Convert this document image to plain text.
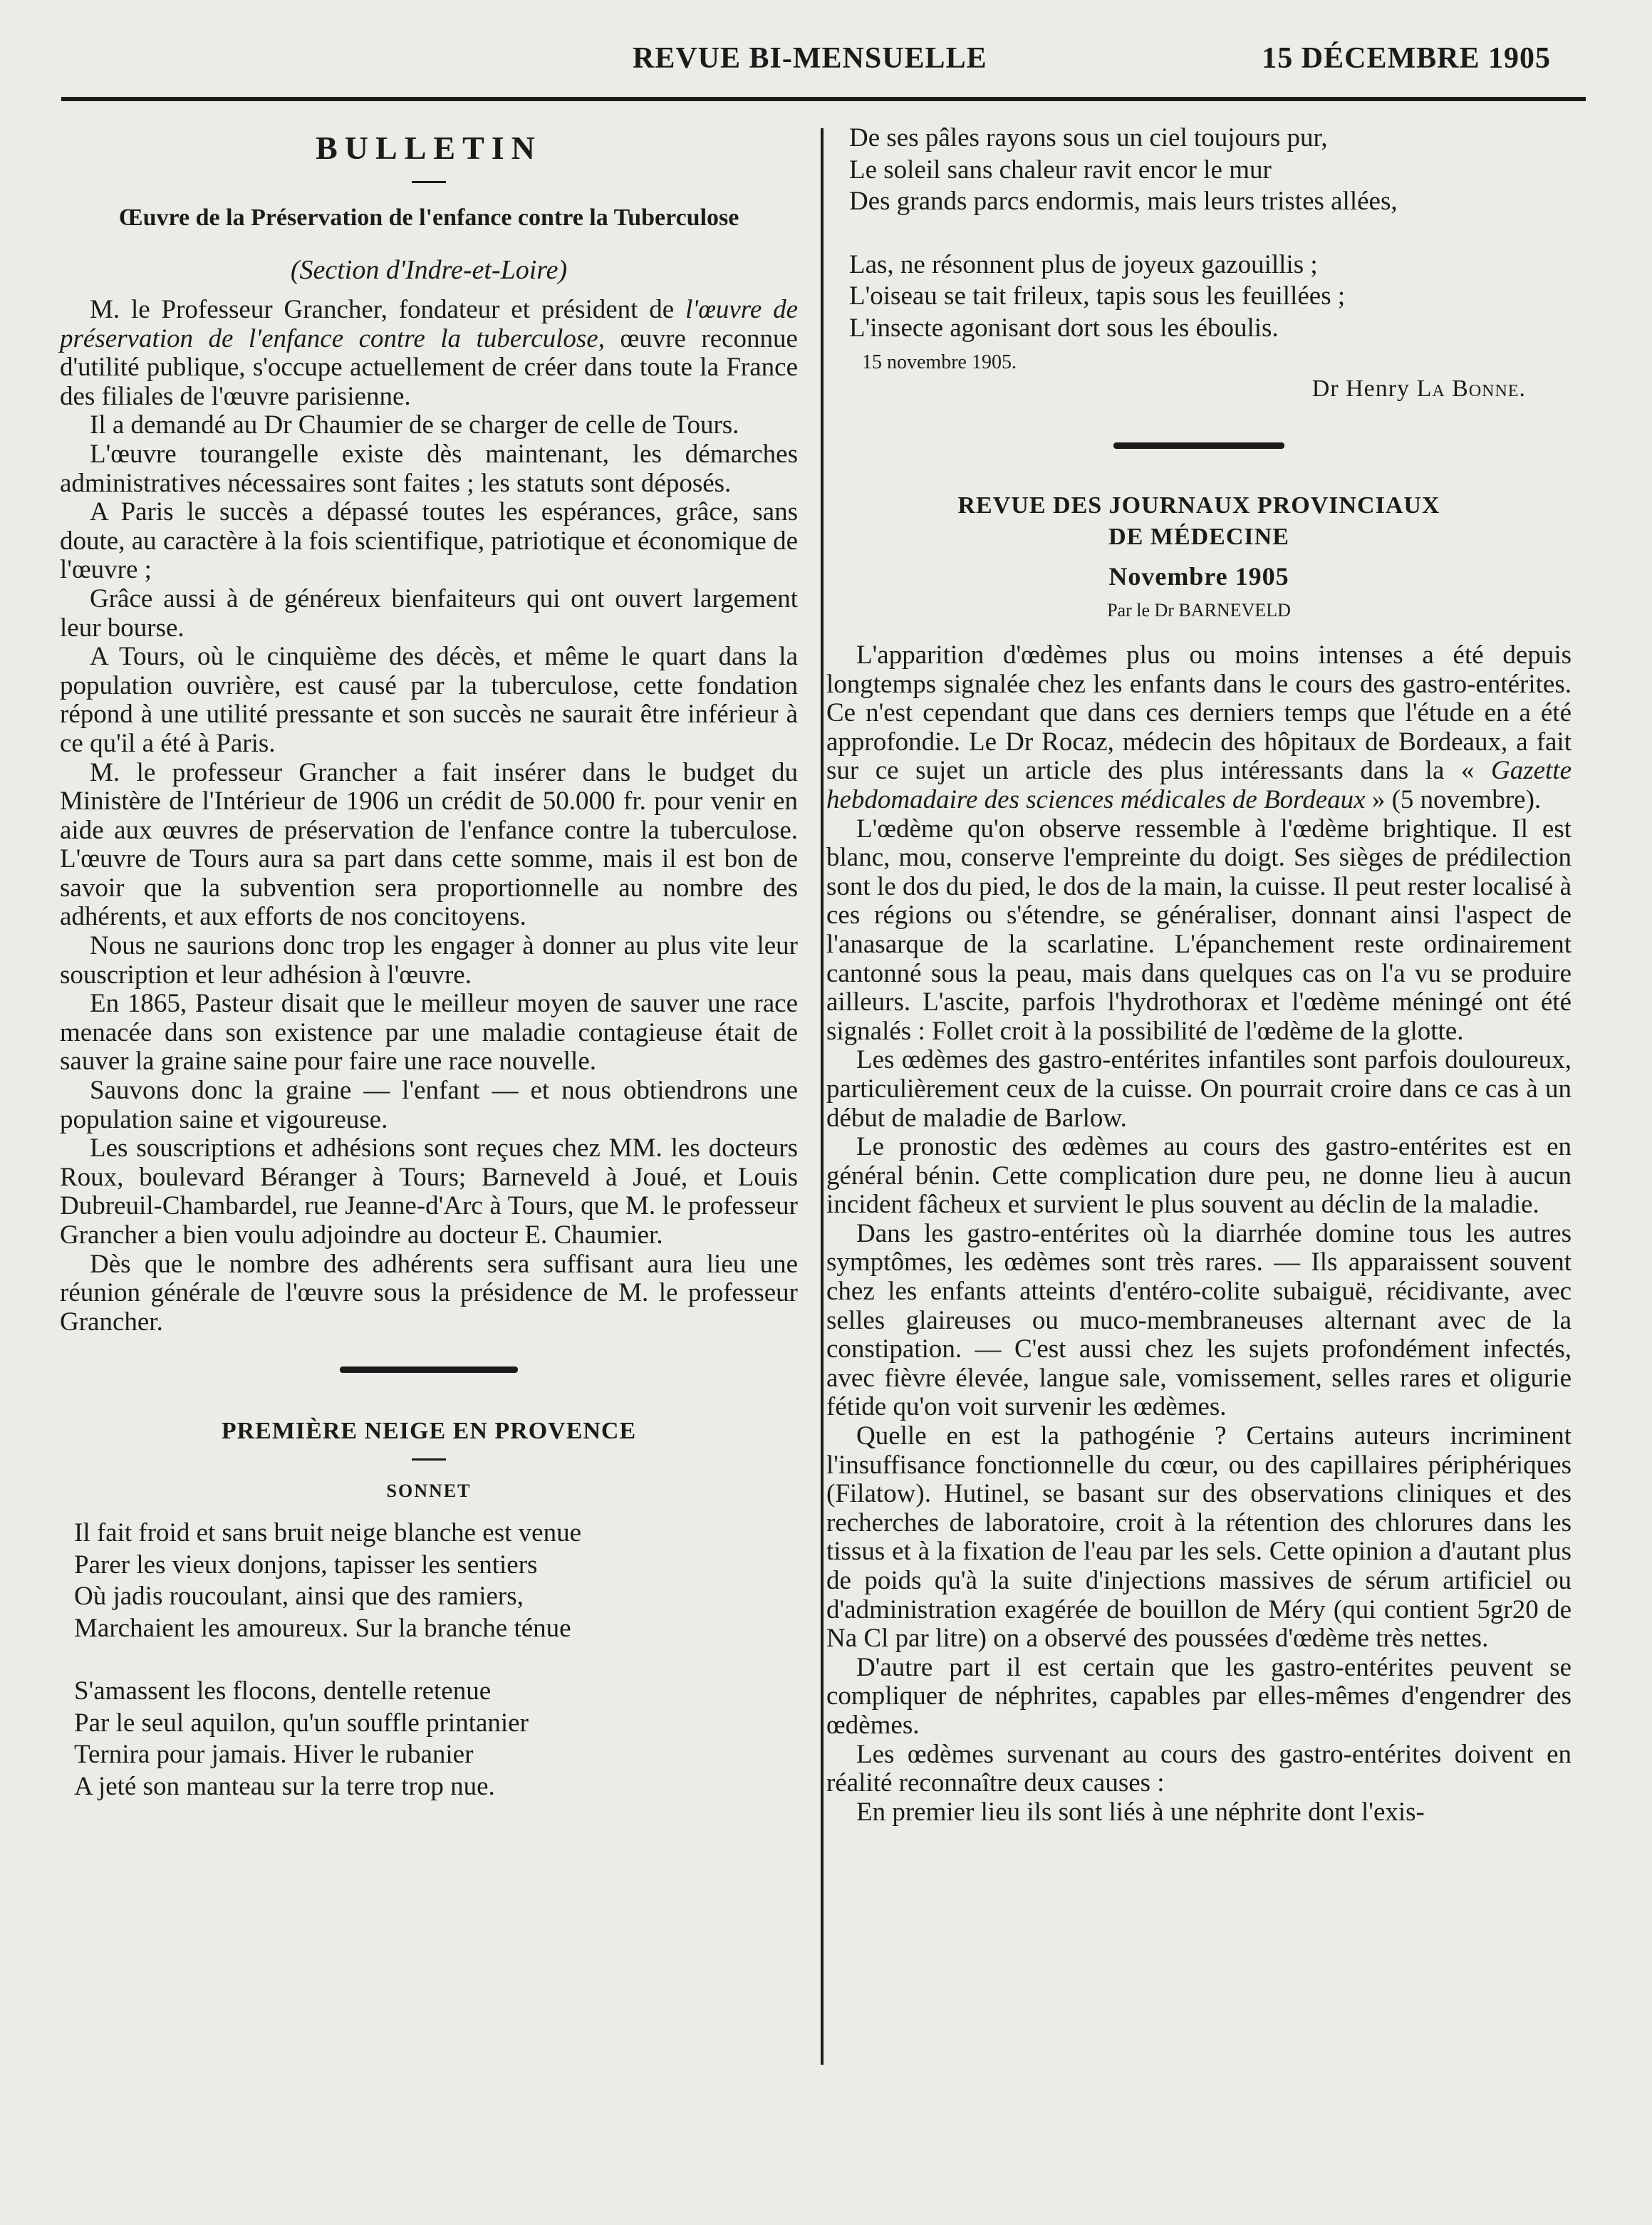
REVUE BI-MENSUELLE	15 DÉCEMBRE 1905
BULLETIN
Œuvre de la Préservation de l'enfance contre la Tuberculose
(Section d'Indre-et-Loire)

M. le Professeur Grancher, fondateur et président de l'œuvre de préservation de l'enfance contre la tuberculose, œuvre reconnue d'utilité publique, s'occupe actuellement de créer dans toute la France des filiales de l'œuvre parisienne.

Il a demandé au Dr Chaumier de se charger de celle de Tours.

L'œuvre tourangelle existe dès maintenant, les démarches administratives nécessaires sont faites ; les statuts sont déposés.

A Paris le succès a dépassé toutes les espérances, grâce, sans doute, au caractère à la fois scientifique, patriotique et économique de l'œuvre ;

Grâce aussi à de généreux bienfaiteurs qui ont ouvert largement leur bourse.

A Tours, où le cinquième des décès, et même le quart dans la population ouvrière, est causé par la tuberculose, cette fondation répond à une utilité pressante et son succès ne saurait être inférieur à ce qu'il a été à Paris.

M. le professeur Grancher a fait insérer dans le budget du Ministère de l'Intérieur de 1906 un crédit de 50.000 fr. pour venir en aide aux œuvres de préservation de l'enfance contre la tuberculose. L'œuvre de Tours aura sa part dans cette somme, mais il est bon de savoir que la subvention sera proportionnelle au nombre des adhérents, et aux efforts de nos concitoyens.

Nous ne saurions donc trop les engager à donner au plus vite leur souscription et leur adhésion à l'œuvre.

En 1865, Pasteur disait que le meilleur moyen de sauver une race menacée dans son existence par une maladie contagieuse était de sauver la graine saine pour faire une race nouvelle.

Sauvons donc la graine — l'enfant — et nous obtiendrons une population saine et vigoureuse.

Les souscriptions et adhésions sont reçues chez MM. les docteurs Roux, boulevard Béranger à Tours; Barneveld à Joué, et Louis Dubreuil-Chambardel, rue Jeanne-d'Arc à Tours, que M. le professeur Grancher a bien voulu adjoindre au docteur E. Chaumier.

Dès que le nombre des adhérents sera suffisant aura lieu une réunion générale de l'œuvre sous la présidence de M. le professeur Grancher.

PREMIÈRE NEIGE EN PROVENCE
SONNET

Il fait froid et sans bruit neige blanche est venue

Parer les vieux donjons, tapisser les sentiers

Où jadis roucoulant, ainsi que des ramiers,

Marchaient les amoureux. Sur la branche ténue

S'amassent les flocons, dentelle retenue

Par le seul aquilon, qu'un souffle printanier

Ternira pour jamais. Hiver le rubanier

A jeté son manteau sur la terre trop nue.

De ses pâles rayons sous un ciel toujours pur,

Le soleil sans chaleur ravit encor le mur

Des grands parcs endormis, mais leurs tristes allées,

Las, ne résonnent plus de joyeux gazouillis ;

L'oiseau se tait frileux, tapis sous les feuillées ;

L'insecte agonisant dort sous les éboulis.

15 novembre 1905.
Dr Henry La Bonne.
REVUE DES JOURNAUX PROVINCIAUX
DE MÉDECINE
Novembre 1905
Par le Dr BARNEVELD

L'apparition d'œdèmes plus ou moins intenses a été depuis longtemps signalée chez les enfants dans le cours des gastro-entérites. Ce n'est cependant que dans ces derniers temps que l'étude en a été approfondie. Le Dr Rocaz, médecin des hôpitaux de Bordeaux, a fait sur ce sujet un article des plus intéressants dans la « Gazette hebdomadaire des sciences médicales de Bordeaux » (5 novembre).

L'œdème qu'on observe ressemble à l'œdème brightique. Il est blanc, mou, conserve l'empreinte du doigt. Ses sièges de prédilection sont le dos du pied, le dos de la main, la cuisse. Il peut rester localisé à ces régions ou s'étendre, se généraliser, donnant ainsi l'aspect de l'anasarque de la scarlatine. L'épanchement reste ordinairement cantonné sous la peau, mais dans quelques cas on l'a vu se produire ailleurs. L'ascite, parfois l'hydrothorax et l'œdème méningé ont été signalés : Follet croit à la possibilité de l'œdème de la glotte.

Les œdèmes des gastro-entérites infantiles sont parfois douloureux, particulièrement ceux de la cuisse. On pourrait croire dans ce cas à un début de maladie de Barlow.

Le pronostic des œdèmes au cours des gastro-entérites est en général bénin. Cette complication dure peu, ne donne lieu à aucun incident fâcheux et survient le plus souvent au déclin de la maladie.

Dans les gastro-entérites où la diarrhée domine tous les autres symptômes, les œdèmes sont très rares. — Ils apparaissent souvent chez les enfants atteints d'entéro-colite subaiguë, récidivante, avec selles glaireuses ou muco-membraneuses alternant avec de la constipation. — C'est aussi chez les sujets profondément infectés, avec fièvre élevée, langue sale, vomissement, selles rares et oligurie fétide qu'on voit survenir les œdèmes.

Quelle en est la pathogénie ? Certains auteurs incriminent l'insuffisance fonctionnelle du cœur, ou des capillaires périphériques (Filatow). Hutinel, se basant sur des observations cliniques et des recherches de laboratoire, croit à la rétention des chlorures dans les tissus et à la fixation de l'eau par les sels. Cette opinion a d'autant plus de poids qu'à la suite d'injections massives de sérum artificiel ou d'administration exagérée de bouillon de Méry (qui contient 5gr20 de Na Cl par litre) on a observé des poussées d'œdème très nettes.

D'autre part il est certain que les gastro-entérites peuvent se compliquer de néphrites, capables par elles-mêmes d'engendrer des œdèmes.

Les œdèmes survenant au cours des gastro-entérites doivent en réalité reconnaître deux causes :

En premier lieu ils sont liés à une néphrite dont l'exis-
